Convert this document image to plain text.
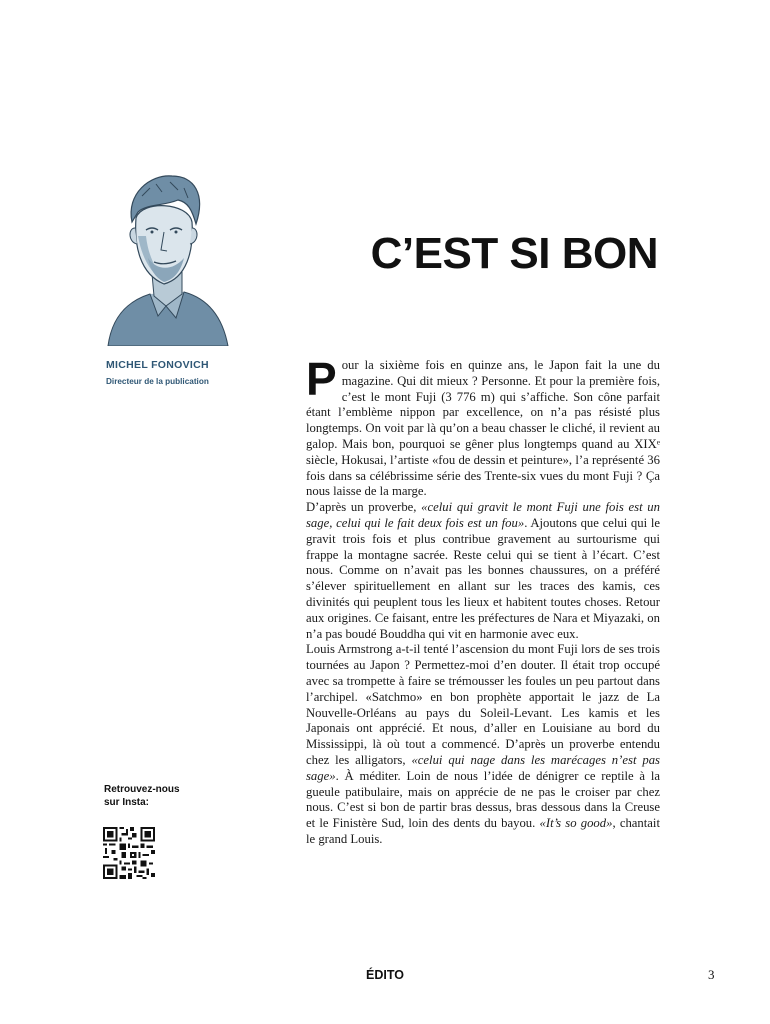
C’EST SI BON
MICHEL FONOVICH
Directeur de la publication
Retrouvez-nous
sur Insta:

Pour la sixième fois en quinze ans, le Japon fait la une du magazine. Qui dit mieux ? Personne. Et pour la première fois, c’est le mont Fuji (3 776 m) qui s’affiche. Son cône parfait étant l’emblème nippon par excellence, on n’a pas résisté plus longtemps. On voit par là qu’on a beau chasser le cliché, il revient au galop. Mais bon, pourquoi se gêner plus longtemps quand au XIXᵉ siècle, Hokusai, l’artiste «fou de dessin et peinture», l’a représenté 36 fois dans sa célébrissime série des Trente-six vues du mont Fuji ? Ça nous laisse de la marge.

D’après un proverbe, «celui qui gravit le mont Fuji une fois est un sage, celui qui le fait deux fois est un fou». Ajoutons que celui qui le gravit trois fois et plus contribue gravement au surtourisme qui frappe la montagne sacrée. Reste celui qui se tient à l’écart. C’est nous. Comme on n’avait pas les bonnes chaussures, on a préféré s’élever spirituellement en allant sur les traces des kamis, ces divinités qui peuplent tous les lieux et habitent toutes choses. Retour aux origines. Ce faisant, entre les préfectures de Nara et Miyazaki, on n’a pas boudé Bouddha qui vit en harmonie avec eux.

Louis Armstrong a-t-il tenté l’ascension du mont Fuji lors de ses trois tournées au Japon ? Permettez-moi d’en douter. Il était trop occupé avec sa trompette à faire se trémousser les foules un peu partout dans l’archipel. «Satchmo» en bon prophète apportait le jazz de La Nouvelle-Orléans au pays du Soleil-Levant. Les kamis et les Japonais ont apprécié. Et nous, d’aller en Louisiane au bord du Mississippi, là où tout a commencé. D’après un proverbe entendu chez les alligators, «celui qui nage dans les marécages n’est pas sage». À méditer. Loin de nous l’idée de dénigrer ce reptile à la gueule patibulaire, mais on apprécie de ne pas le croiser par chez nous. C’est si bon de partir bras dessus, bras dessous dans la Creuse et le Finistère Sud, loin des dents du bayou. «It’s so good», chantait le grand Louis.

ÉDITO	3
